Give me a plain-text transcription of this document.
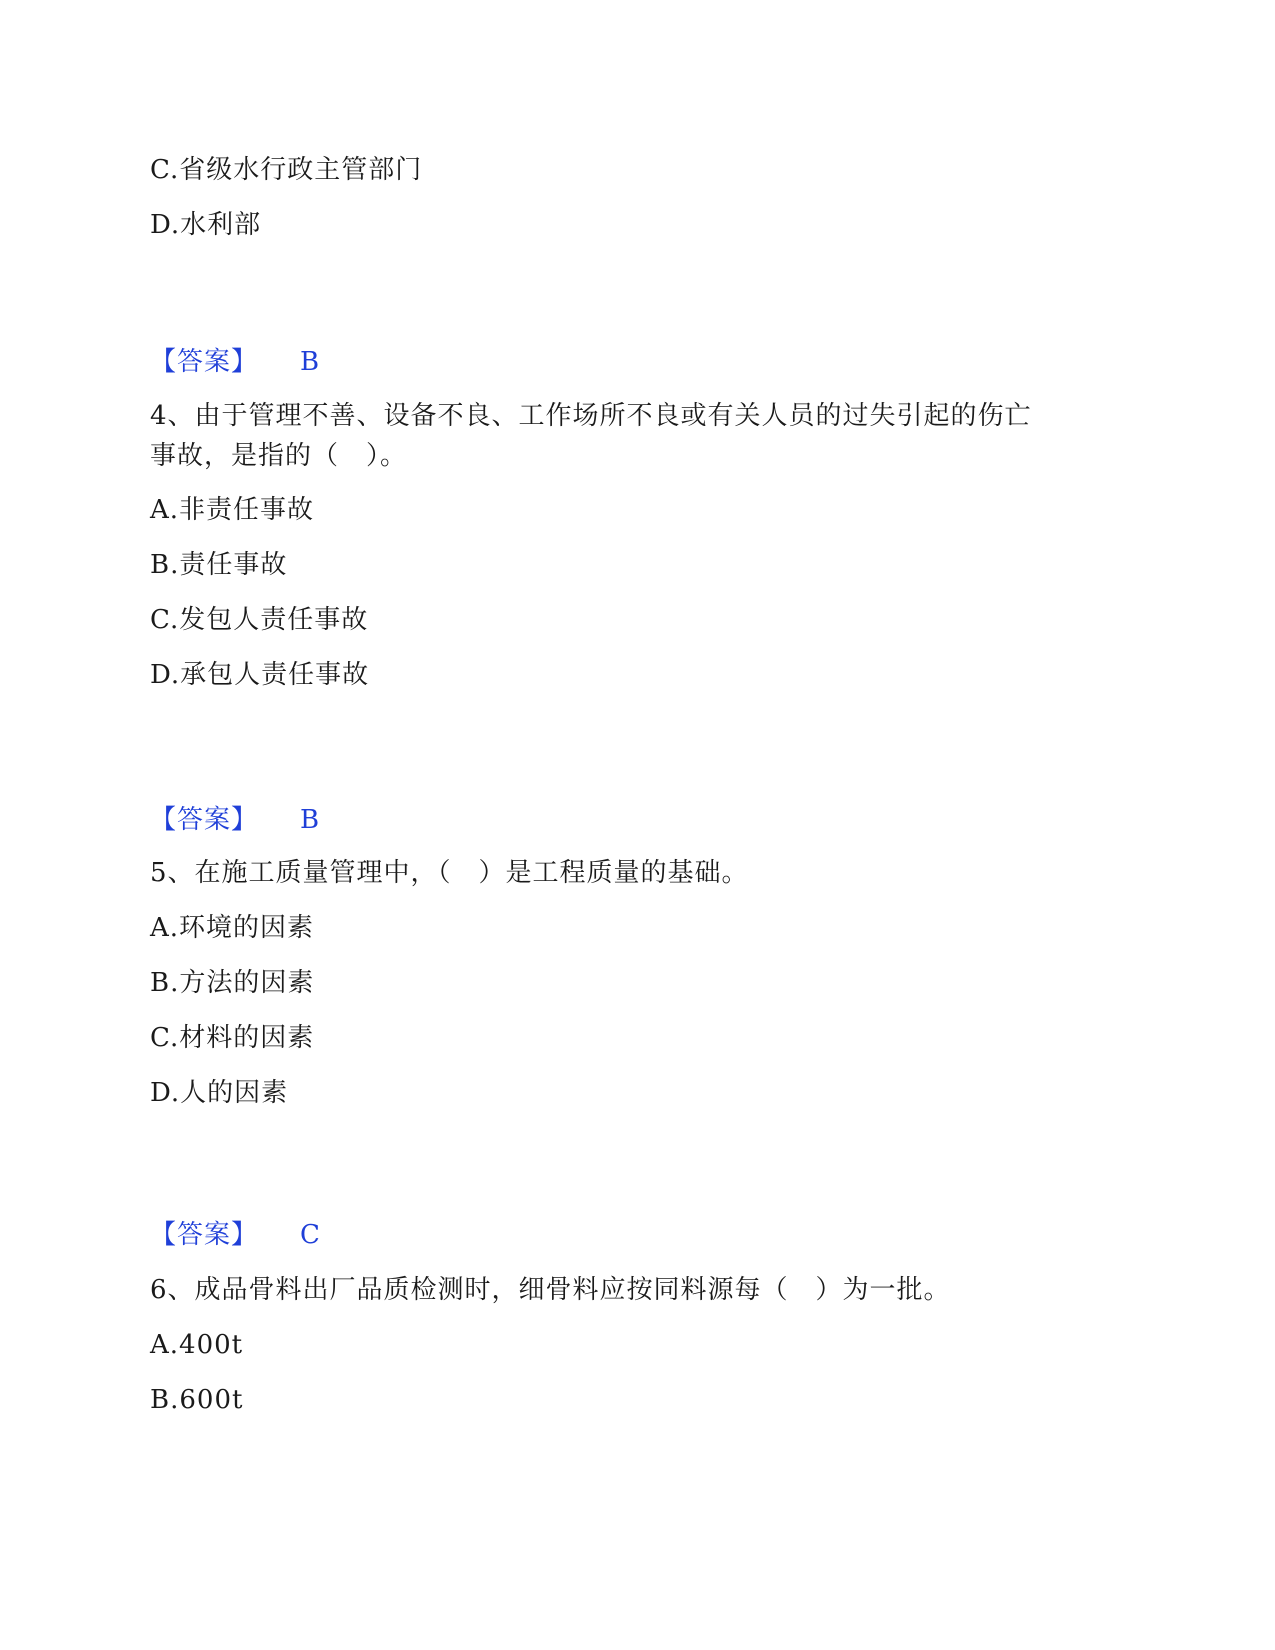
C.省级水行政主管部门
D.水利部
【答案】 B
4、由于管理不善、设备不良、工作场所不良或有关人员的过失引起的伤亡
事故，是指的（　）。
A.非责任事故
B.责任事故
C.发包人责任事故
D.承包人责任事故
【答案】 B
5、在施工质量管理中，（　）是工程质量的基础。
A.环境的因素
B.方法的因素
C.材料的因素
D.人的因素
【答案】 C
6、成品骨料出厂品质检测时，细骨料应按同料源每（　）为一批。
A.400t
B.600t
